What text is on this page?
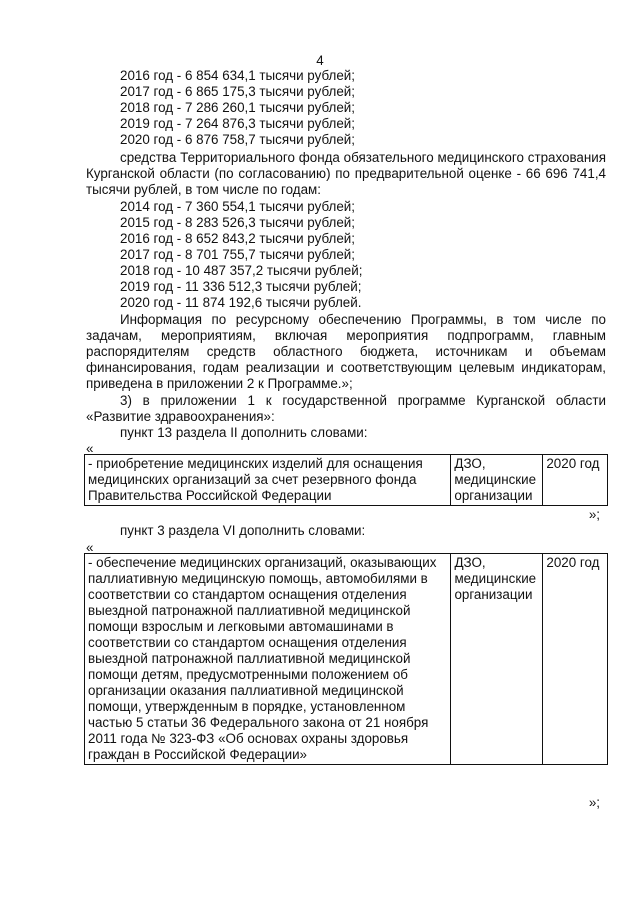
4
2016 год - 6 854 634,1 тысячи рублей;
2017 год - 6 865 175,3 тысячи рублей;
2018 год - 7 286 260,1 тысячи рублей;
2019 год - 7 264 876,3 тысячи рублей;
2020 год - 6 876 758,7 тысячи рублей;
средства Территориального фонда обязательного медицинского страхования Курганской области (по согласованию) по предварительной оценке - 66 696 741,4 тысячи рублей, в том числе по годам:
2014 год - 7 360 554,1 тысячи рублей;
2015 год - 8 283 526,3 тысячи рублей;
2016 год - 8 652 843,2 тысячи рублей;
2017 год - 8 701 755,7 тысячи рублей;
2018 год - 10 487 357,2 тысячи рублей;
2019 год - 11 336 512,3 тысячи рублей;
2020 год - 11 874 192,6 тысячи рублей.
Информация по ресурсному обеспечению Программы, в том числе по задачам, мероприятиям, включая мероприятия подпрограмм, главным распорядителям средств областного бюджета, источникам и объемам финансирования, годам реализации и соответствующим целевым индикаторам, приведена в приложении 2 к Программе.»;
3) в приложении 1 к государственной программе Курганской области «Развитие здравоохранения»:
пункт 13 раздела II дополнить словами:
«
- приобретение медицинских изделий для оснащения медицинских организаций за счет резервного фонда Правительства Российской Федерации	ДЗО, медицинские организации	2020 год
»;
пункт 3 раздела VI дополнить словами:
«
- обеспечение медицинских организаций, оказывающих паллиативную медицинскую помощь, автомобилями в соответствии со стандартом оснащения отделения выездной патронажной паллиативной медицинской помощи взрослым и легковыми автомашинами в соответствии со стандартом оснащения отделения выездной патронажной паллиативной медицинской помощи детям, предусмотренными положением об организации оказания паллиативной медицинской помощи, утвержденным в порядке, установленном частью 5 статьи 36 Федерального закона от 21 ноября 2011 года № 323-ФЗ «Об основах охраны здоровья граждан в Российской Федерации»	ДЗО, медицинские организации	2020 год
»;
